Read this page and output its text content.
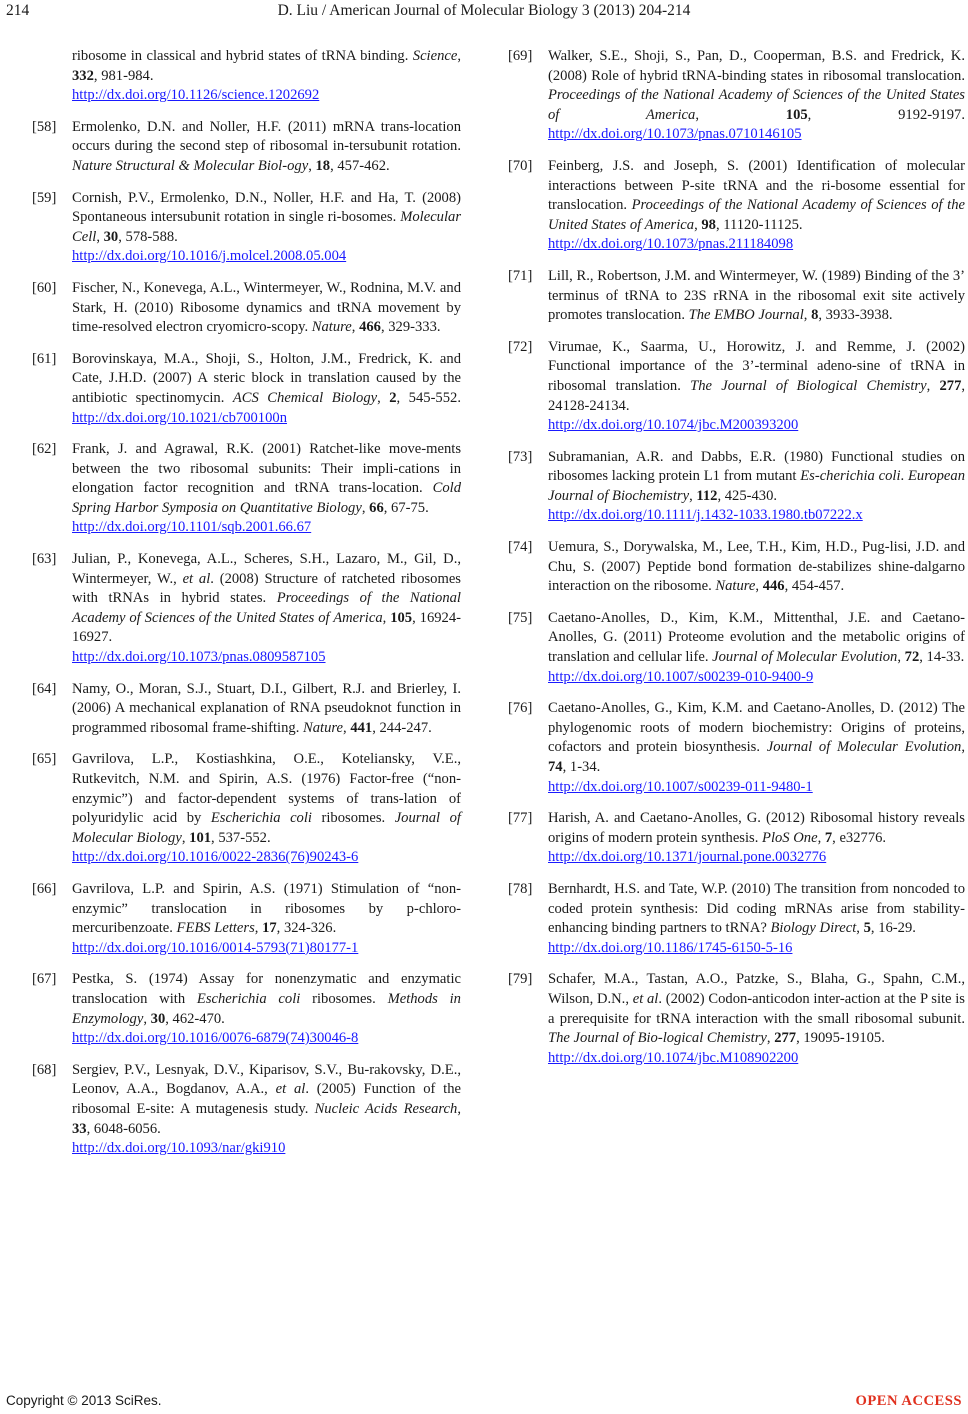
214	D. Liu / American Journal of Molecular Biology 3 (2013) 204-214
ribosome in classical and hybrid states of tRNA binding. Science, 332, 981-984.
http://dx.doi.org/10.1126/science.1202692
[58] Ermolenko, D.N. and Noller, H.F. (2011) mRNA trans-location occurs during the second step of ribosomal in-tersubunit rotation. Nature Structural & Molecular Biol-ogy, 18, 457-462.
[59] Cornish, P.V., Ermolenko, D.N., Noller, H.F. and Ha, T. (2008) Spontaneous intersubunit rotation in single ri-bosomes. Molecular Cell, 30, 578-588.
http://dx.doi.org/10.1016/j.molcel.2008.05.004
[60] Fischer, N., Konevega, A.L., Wintermeyer, W., Rodnina, M.V. and Stark, H. (2010) Ribosome dynamics and tRNA movement by time-resolved electron cryomicro-scopy. Nature, 466, 329-333.
[61] Borovinskaya, M.A., Shoji, S., Holton, J.M., Fredrick, K. and Cate, J.H.D. (2007) A steric block in translation caused by the antibiotic spectinomycin. ACS Chemical Biology, 2, 545-552. http://dx.doi.org/10.1021/cb700100n
[62] Frank, J. and Agrawal, R.K. (2001) Ratchet-like move-ments between the two ribosomal subunits: Their impli-cations in elongation factor recognition and tRNA trans-location. Cold Spring Harbor Symposia on Quantitative Biology, 66, 67-75.
http://dx.doi.org/10.1101/sqb.2001.66.67
[63] Julian, P., Konevega, A.L., Scheres, S.H., Lazaro, M., Gil, D., Wintermeyer, W., et al. (2008) Structure of ratcheted ribosomes with tRNAs in hybrid states. Proceedings of the National Academy of Sciences of the United States of America, 105, 16924-16927.
http://dx.doi.org/10.1073/pnas.0809587105
[64] Namy, O., Moran, S.J., Stuart, D.I., Gilbert, R.J. and Brierley, I. (2006) A mechanical explanation of RNA pseudoknot function in programmed ribosomal frame-shifting. Nature, 441, 244-247.
[65] Gavrilova, L.P., Kostiashkina, O.E., Koteliansky, V.E., Rutkevitch, N.M. and Spirin, A.S. (1976) Factor-free (“non-enzymic”) and factor-dependent systems of trans-lation of polyuridylic acid by Escherichia coli ribosomes. Journal of Molecular Biology, 101, 537-552.
http://dx.doi.org/10.1016/0022-2836(76)90243-6
[66] Gavrilova, L.P. and Spirin, A.S. (1971) Stimulation of “non-enzymic” translocation in ribosomes by p-chloro-mercuribenzoate. FEBS Letters, 17, 324-326.
http://dx.doi.org/10.1016/0014-5793(71)80177-1
[67] Pestka, S. (1974) Assay for nonenzymatic and enzymatic translocation with Escherichia coli ribosomes. Methods in Enzymology, 30, 462-470.
http://dx.doi.org/10.1016/0076-6879(74)30046-8
[68] Sergiev, P.V., Lesnyak, D.V., Kiparisov, S.V., Bu-rakovsky, D.E., Leonov, A.A., Bogdanov, A.A., et al. (2005) Function of the ribosomal E-site: A mutagenesis study. Nucleic Acids Research, 33, 6048-6056.
http://dx.doi.org/10.1093/nar/gki910
[69] Walker, S.E., Shoji, S., Pan, D., Cooperman, B.S. and Fredrick, K. (2008) Role of hybrid tRNA-binding states in ribosomal translocation. Proceedings of the National Academy of Sciences of the United States of America, 105, 9192-9197. http://dx.doi.org/10.1073/pnas.0710146105
[70] Feinberg, J.S. and Joseph, S. (2001) Identification of molecular interactions between P-site tRNA and the ri-bosome essential for translocation. Proceedings of the National Academy of Sciences of the United States of America, 98, 11120-11125.
http://dx.doi.org/10.1073/pnas.211184098
[71] Lill, R., Robertson, J.M. and Wintermeyer, W. (1989) Binding of the 3’ terminus of tRNA to 23S rRNA in the ribosomal exit site actively promotes translocation. The EMBO Journal, 8, 3933-3938.
[72] Virumae, K., Saarma, U., Horowitz, J. and Remme, J. (2002) Functional importance of the 3’-terminal adeno-sine of tRNA in ribosomal translation. The Journal of Biological Chemistry, 277, 24128-24134.
http://dx.doi.org/10.1074/jbc.M200393200
[73] Subramanian, A.R. and Dabbs, E.R. (1980) Functional studies on ribosomes lacking protein L1 from mutant Es-cherichia coli. European Journal of Biochemistry, 112, 425-430.
http://dx.doi.org/10.1111/j.1432-1033.1980.tb07222.x
[74] Uemura, S., Dorywalska, M., Lee, T.H., Kim, H.D., Pug-lisi, J.D. and Chu, S. (2007) Peptide bond formation de-stabilizes shine-dalgarno interaction on the ribosome. Nature, 446, 454-457.
[75] Caetano-Anolles, D., Kim, K.M., Mittenthal, J.E. and Caetano-Anolles, G. (2011) Proteome evolution and the metabolic origins of translation and cellular life. Journal of Molecular Evolution, 72, 14-33.
http://dx.doi.org/10.1007/s00239-010-9400-9
[76] Caetano-Anolles, G., Kim, K.M. and Caetano-Anolles, D. (2012) The phylogenomic roots of modern biochemistry: Origins of proteins, cofactors and protein biosynthesis. Journal of Molecular Evolution, 74, 1-34.
http://dx.doi.org/10.1007/s00239-011-9480-1
[77] Harish, A. and Caetano-Anolles, G. (2012) Ribosomal history reveals origins of modern protein synthesis. PloS One, 7, e32776.
http://dx.doi.org/10.1371/journal.pone.0032776
[78] Bernhardt, H.S. and Tate, W.P. (2010) The transition from noncoded to coded protein synthesis: Did coding mRNAs arise from stability-enhancing binding partners to tRNA? Biology Direct, 5, 16-29.
http://dx.doi.org/10.1186/1745-6150-5-16
[79] Schafer, M.A., Tastan, A.O., Patzke, S., Blaha, G., Spahn, C.M., Wilson, D.N., et al. (2002) Codon-anticodon inter-action at the P site is a prerequisite for tRNA interaction with the small ribosomal subunit. The Journal of Bio-logical Chemistry, 277, 19095-19105.
http://dx.doi.org/10.1074/jbc.M108902200
Copyright © 2013 SciRes.	OPEN ACCESS
